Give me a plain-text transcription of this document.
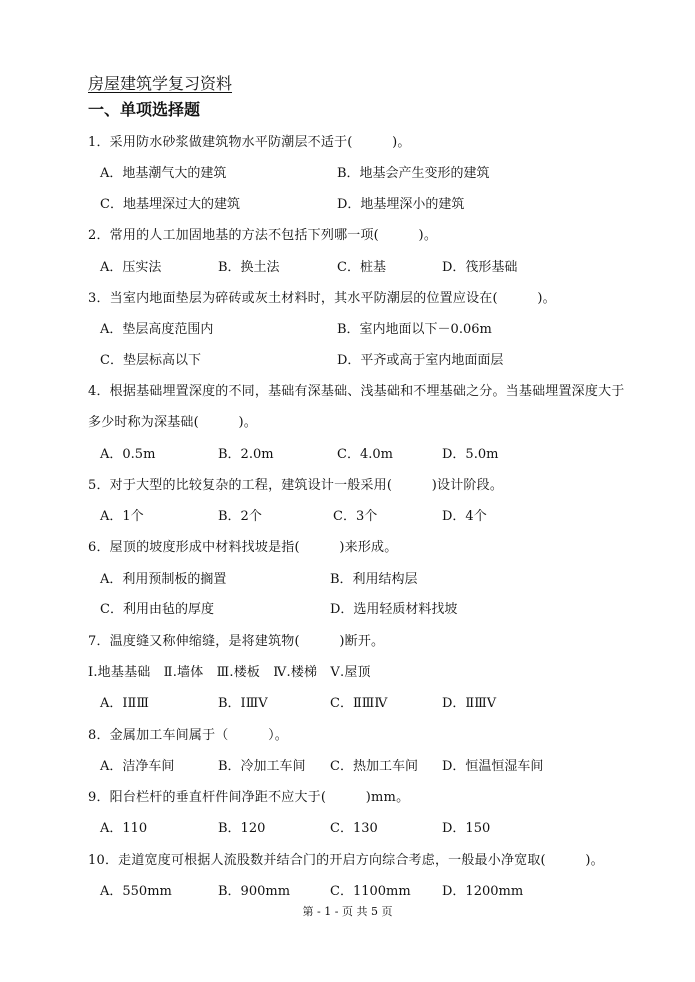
房屋建筑学复习资料
一、单项选择题
1．采用防水砂浆做建筑物水平防潮层不适于(　　　)。
A．地基潮气大的建筑	B．地基会产生变形的建筑
C．地基埋深过大的建筑	D．地基埋深小的建筑
2．常用的人工加固地基的方法不包括下列哪一项(　　　)。
A．压实法	B．换土法	C．桩基	D．筏形基础
3．当室内地面垫层为碎砖或灰土材料时，其水平防潮层的位置应设在(　　　)。
A．垫层高度范围内	B．室内地面以下－0.06m
C．垫层标高以下	D．平齐或高于室内地面面层
4．根据基础埋置深度的不同，基础有深基础、浅基础和不埋基础之分。当基础埋置深度大于
多少时称为深基础(　　　)。
A．0.5m	B．2.0m	C．4.0m	D．5.0m
5．对于大型的比较复杂的工程，建筑设计一般采用(　　　)设计阶段。
A．1个	B．2个	C．3个	D．4个
6．屋顶的坡度形成中材料找坡是指(　　　)来形成。
A．利用预制板的搁置	B．利用结构层
C．利用由毡的厚度	D．选用轻质材料找坡
7．温度缝又称伸缩缝，是将建筑物(　　　)断开。
Ⅰ.地基基础　Ⅱ.墙体　Ⅲ.楼板　Ⅳ.楼梯　Ⅴ.屋顶
A．ⅠⅡⅢ	B．ⅠⅢⅤ	C．ⅡⅢⅣ	D．ⅡⅢⅤ
8．金属加工车间属于（　　　）。
A．洁净车间	B．冷加工车间 C．热加工车间 D．恒温恒湿车间
9．阳台栏杆的垂直杆件间净距不应大于(　　　)mm。
A．110	B．120	C．130	D．150
10．走道宽度可根据人流股数并结合门的开启方向综合考虑，一般最小净宽取(　　　)。
A．550mm	B．900mm	C．1100mm D．1200mm
第 - 1 - 页 共 5 页
